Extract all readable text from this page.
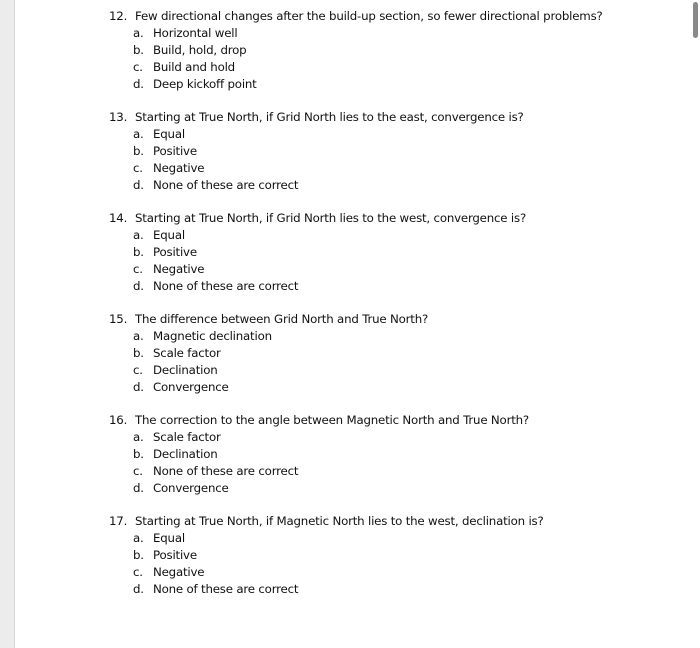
12. Few directional changes after the build-up section, so fewer directional problems?
a. Horizontal well
b. Build, hold, drop
c. Build and hold
d. Deep kickoff point
13. Starting at True North, if Grid North lies to the east, convergence is?
a. Equal
b. Positive
c. Negative
d. None of these are correct
14. Starting at True North, if Grid North lies to the west, convergence is?
a. Equal
b. Positive
c. Negative
d. None of these are correct
15. The difference between Grid North and True North?
a. Magnetic declination
b. Scale factor
c. Declination
d. Convergence
16. The correction to the angle between Magnetic North and True North?
a. Scale factor
b. Declination
c. None of these are correct
d. Convergence
17. Starting at True North, if Magnetic North lies to the west, declination is?
a. Equal
b. Positive
c. Negative
d. None of these are correct
